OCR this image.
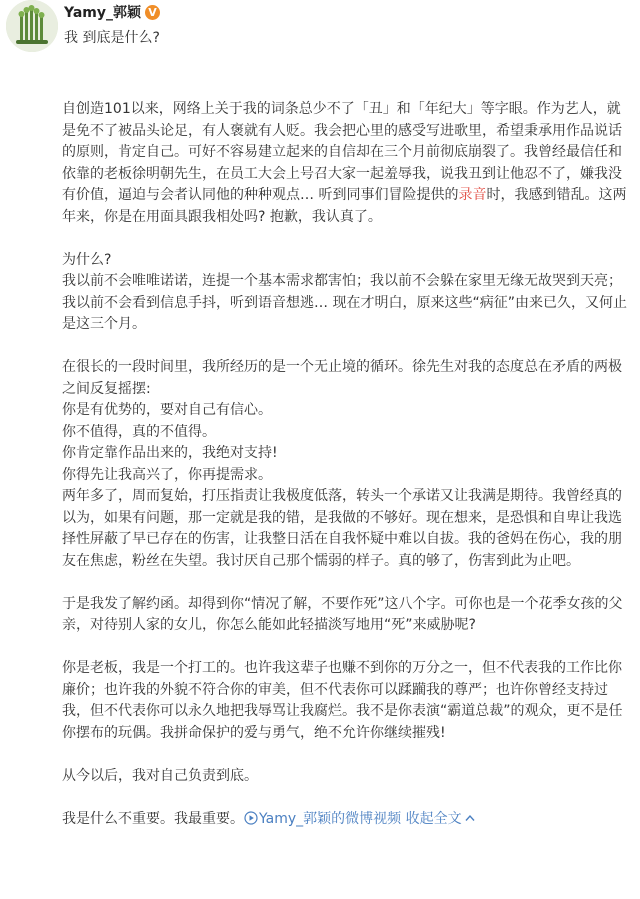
Yamy_郭颖 V
我 到底是什么?

自创造101以来，网络上关于我的词条总少不了「丑」和「年纪大」等字眼。作为艺人，就是免不了被品头论足，有人褒就有人贬。我会把心里的感受写进歌里，希望秉承用作品说话的原则，肯定自己。可好不容易建立起来的自信却在三个月前彻底崩裂了。我曾经最信任和依靠的老板徐明朝先生，在员工大会上号召大家一起羞辱我，说我丑到让他忍不了，嫌我没有价值，逼迫与会者认同他的种种观点… 听到同事们冒险提供的录音时，我感到错乱。这两年来，你是在用面具跟我相处吗? 抱歉，我认真了。

为什么?

我以前不会唯唯诺诺，连提一个基本需求都害怕；我以前不会躲在家里无缘无故哭到天亮；我以前不会看到信息手抖，听到语音想逃… 现在才明白，原来这些“病征”由来已久，又何止是这三个月。

在很长的一段时间里，我所经历的是一个无止境的循环。徐先生对我的态度总在矛盾的两极之间反复摇摆:

你是有优势的，要对自己有信心。

你不值得，真的不值得。

你肯定靠作品出来的，我绝对支持!

你得先让我高兴了，你再提需求。

两年多了，周而复始，打压指责让我极度低落，转头一个承诺又让我满是期待。我曾经真的以为，如果有问题，那一定就是我的错，是我做的不够好。现在想来，是恐惧和自卑让我选择性屏蔽了早已存在的伤害，让我整日活在自我怀疑中难以自拔。我的爸妈在伤心，我的朋友在焦虑，粉丝在失望。我讨厌自己那个懦弱的样子。真的够了，伤害到此为止吧。

于是我发了解约函。却得到你“情况了解，不要作死”这八个字。可你也是一个花季女孩的父亲，对待别人家的女儿，你怎么能如此轻描淡写地用“死”来威胁呢?

你是老板，我是一个打工的。也许我这辈子也赚不到你的万分之一，但不代表我的工作比你廉价；也许我的外貌不符合你的审美，但不代表你可以蹂躏我的尊严；也许你曾经支持过我，但不代表你可以永久地把我辱骂让我腐烂。我不是你表演“霸道总裁”的观众，更不是任你摆布的玩偶。我拼命保护的爱与勇气，绝不允许你继续摧残!

从今以后，我对自己负责到底。

我是什么不重要。我最重要。 Yamy_郭颖的微博视频 收起全文
